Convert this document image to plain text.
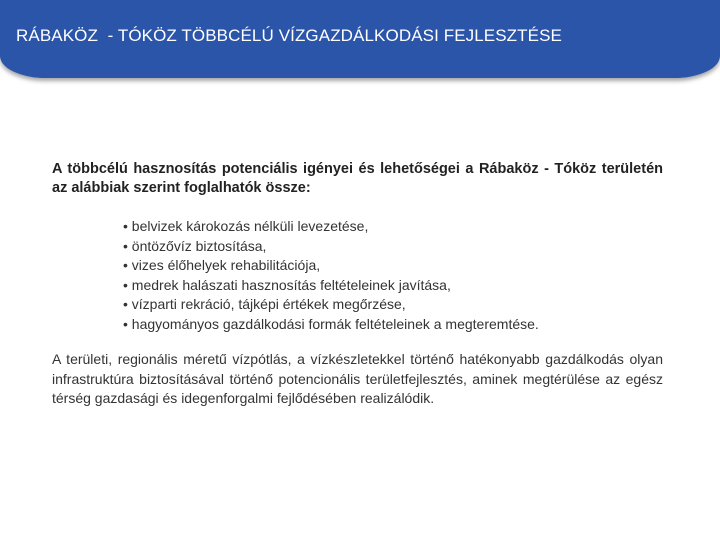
RÁBAKÖZ  - TÓKÖZ TÖBBCÉLÚ VÍZGAZDÁLKODÁSI FEJLESZTÉSE

A többcélú hasznosítás potenciális igényei és lehetőségei a Rábaköz - Tóköz területén az alábbiak szerint foglalhatók össze:

• belvizek károkozás nélküli levezetése,
• öntözővíz biztosítása,
• vizes élőhelyek rehabilitációja,
• medrek halászati hasznosítás feltételeinek javítása,
• vízparti rekráció, tájképi értékek megőrzése,
• hagyományos gazdálkodási formák feltételeinek a megteremtése.

A területi, regionális méretű vízpótlás, a vízkészletekkel történő hatékonyabb gazdálkodás olyan infrastruktúra biztosításával történő potencionális területfejlesztés, aminek megtérülése az egész térség gazdasági és idegenforgalmi fejlődésében realizálódik.
